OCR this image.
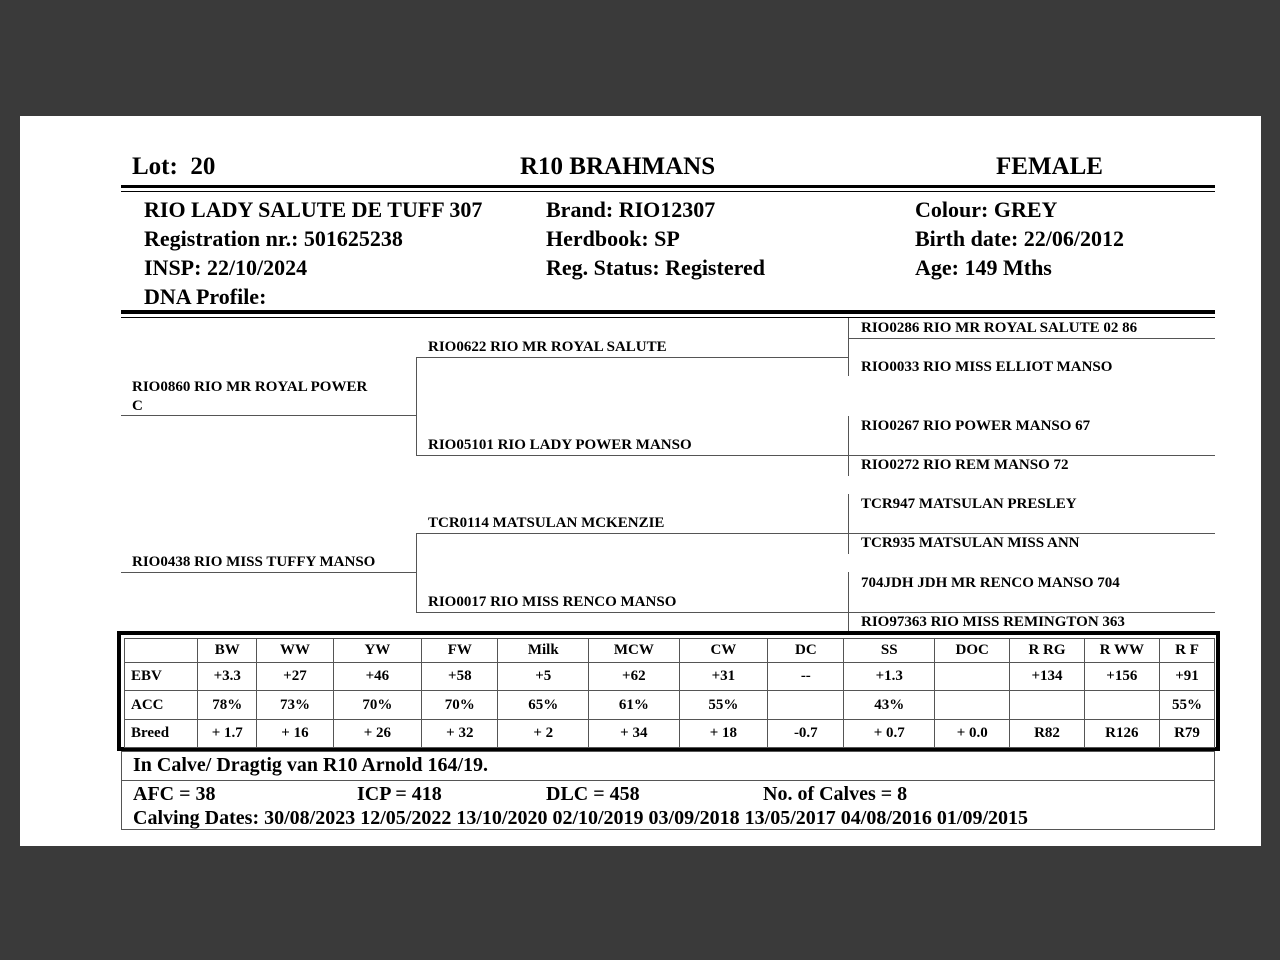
Lot: 20	R10 BRAHMANS	FEMALE
RIO LADY SALUTE DE TUFF 307
Registration nr.: 501625238
INSP: 22/10/2024
DNA Profile:
Brand: RIO12307
Herdbook: SP
Reg. Status: Registered
Colour: GREY
Birth date: 22/06/2012
Age: 149 Mths
RIO0860 RIO MR ROYAL POWER
C
RIO0438 RIO MISS TUFFY MANSO
RIO0622 RIO MR ROYAL SALUTE
RIO05101 RIO LADY POWER MANSO
TCR0114 MATSULAN MCKENZIE
RIO0017 RIO MISS RENCO MANSO
RIO0286 RIO MR ROYAL SALUTE 02 86
RIO0033 RIO MISS ELLIOT MANSO
RIO0267 RIO POWER MANSO 67
RIO0272 RIO REM MANSO 72
TCR947 MATSULAN PRESLEY
TCR935 MATSULAN MISS ANN
704JDH JDH MR RENCO MANSO 704
RIO97363 RIO MISS REMINGTON 363
	BW	WW	YW	FW	Milk	MCW	CW	DC	SS	DOC	R RG	R WW	R F
EBV	+3.3	+27	+46	+58	+5	+62	+31	--	+1.3		+134	+156	+91
ACC	78%	73%	70%	70%	65%	61%	55%		43%				55%
Breed	+ 1.7	+ 16	+ 26	+ 32	+ 2	+ 34	+ 18	-0.7	+ 0.7	+ 0.0	R82	R126	R79
In Calve/ Dragtig van R10 Arnold 164/19.
AFC = 38	ICP = 418	DLC = 458	No. of Calves = 8
Calving Dates: 30/08/2023 12/05/2022 13/10/2020 02/10/2019 03/09/2018 13/05/2017 04/08/2016 01/09/2015
